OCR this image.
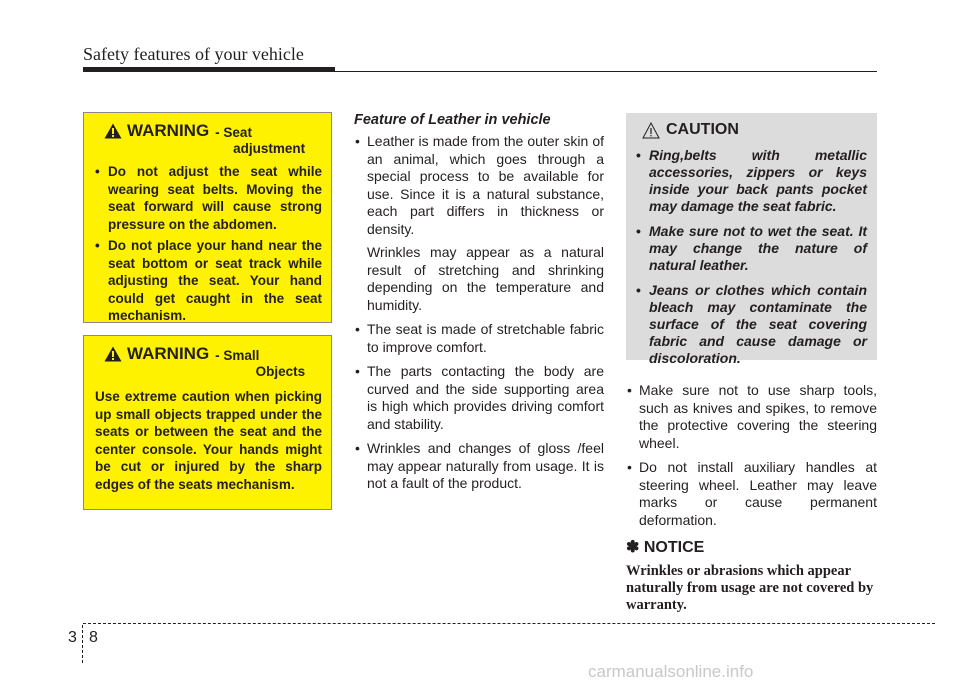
Safety features of your vehicle
WARNING - Seat
adjustment
• Do not adjust the seat while wearing seat belts. Moving the seat forward will cause strong pressure on the abdomen.
• Do not place your hand near the seat bottom or seat track while adjusting the seat. Your hand could get caught in the seat mechanism.
WARNING - Small
Objects
Use extreme caution when picking up small objects trapped under the seats or between the seat and the center console. Your hands might be cut or injured by the sharp edges of the seats mechanism.
Feature of Leather in vehicle
• Leather is made from the outer skin of an animal, which goes through a special process to be available for use. Since it is a natural substance, each part differs in thickness or density.

Wrinkles may appear as a natural result of stretching and shrinking depending on the temperature and humidity.

• The seat is made of stretchable fabric to improve comfort.
• The parts contacting the body are curved and the side supporting area is high which provides driving comfort and stability.
• Wrinkles and changes of gloss /feel may appear naturally from usage. It is not a fault of the product.
CAUTION
• Ring,belts with metallic accessories, zippers or keys inside your back pants pocket may damage the seat fabric.
• Make sure not to wet the seat. It may change the nature of natural leather.
• Jeans or clothes which contain bleach may contaminate the surface of the seat covering fabric and cause damage or discoloration.
• Make sure not to use sharp tools, such as knives and spikes, to remove the protective covering the steering wheel.
• Do not install auxiliary handles at steering wheel. Leather may leave marks or cause permanent deformation.
✽ NOTICE
Wrinkles or abrasions which appear naturally from usage are not covered by warranty.
3 8
carmanualsonline.info
